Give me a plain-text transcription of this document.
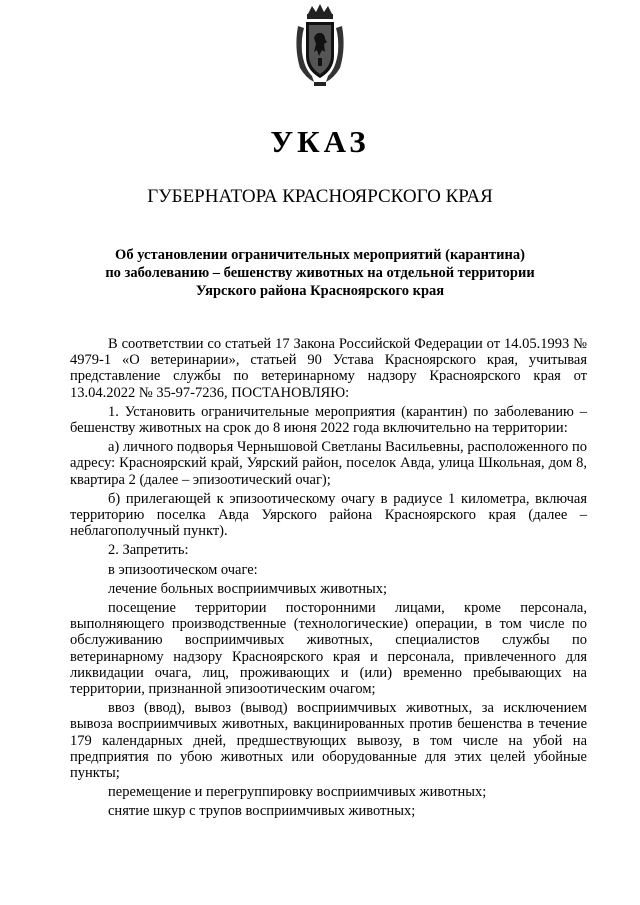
УКАЗ
ГУБЕРНАТОРА КРАСНОЯРСКОГО КРАЯ
Об установлении ограничительных мероприятий (карантина)
по заболеванию – бешенству животных на отдельной территории
Уярского района Красноярского края

В соответствии со статьей 17 Закона Российской Федерации от 14.05.1993 № 4979-1 «О ветеринарии», статьей 90 Устава Красноярского края, учитывая представление службы по ветеринарному надзору Красноярского края от 13.04.2022 № 35-97-7236, ПОСТАНОВЛЯЮ:

1. Установить ограничительные мероприятия (карантин) по заболеванию – бешенству животных на срок до 8 июня 2022 года включительно на территории:

а) личного подворья Чернышовой Светланы Васильевны, расположенного по адресу: Красноярский край, Уярский район, поселок Авда, улица Школьная, дом 8, квартира 2 (далее – эпизоотический очаг);

б) прилегающей к эпизоотическому очагу в радиусе 1 километра, включая территорию поселка Авда Уярского района Красноярского края (далее – неблагополучный пункт).

2. Запретить:

в эпизоотическом очаге:

лечение больных восприимчивых животных;

посещение территории посторонними лицами, кроме персонала, выполняющего производственные (технологические) операции, в том числе по обслуживанию восприимчивых животных, специалистов службы по ветеринарному надзору Красноярского края и персонала, привлеченного для ликвидации очага, лиц, проживающих и (или) временно пребывающих на территории, признанной эпизоотическим очагом;

ввоз (ввод), вывоз (вывод) восприимчивых животных, за исключением вывоза восприимчивых животных, вакцинированных против бешенства в течение 179 календарных дней, предшествующих вывозу, в том числе на убой на предприятия по убою животных или оборудованные для этих целей убойные пункты;

перемещение и перегруппировку восприимчивых животных;

снятие шкур с трупов восприимчивых животных;
